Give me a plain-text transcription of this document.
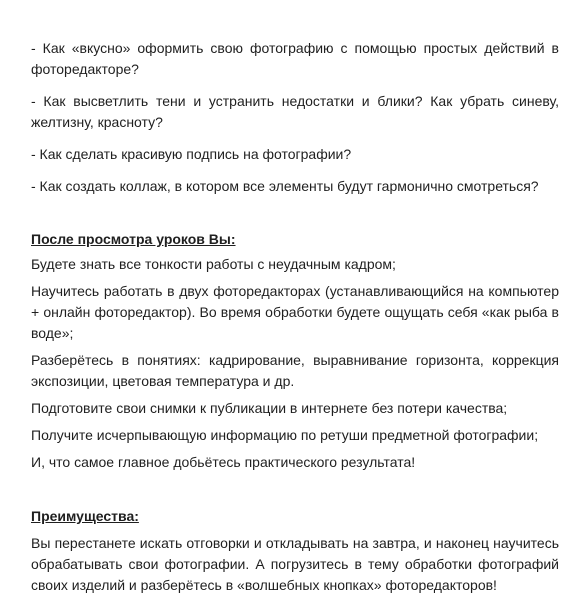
- Как «вкусно» оформить свою фотографию с помощью простых действий в фоторедакторе?

- Как высветлить тени и устранить недостатки и блики? Как убрать синеву, желтизну, красноту?

- Как сделать красивую подпись на фотографии?

- Как создать коллаж, в котором все элементы будут гармонично смотреться?

После просмотра уроков Вы:

Будете знать все тонкости работы с неудачным кадром;

Научитесь работать в двух фоторедакторах (устанавливающийся на компьютер + онлайн фоторедактор). Во время обработки будете ощущать себя «как рыба в воде»;

Разберётесь в понятиях: кадрирование, выравнивание горизонта, коррекция экспозиции, цветовая температура и др.

Подготовите свои снимки к публикации в интернете без потери качества;

Получите исчерпывающую информацию по ретуши предметной фотографии;

И, что самое главное добьётесь практического результата!

Преимущества:

Вы перестанете искать отговорки и откладывать на завтра, и наконец научитесь обрабатывать свои фотографии. А погрузитесь в тему обработки фотографий своих изделий и разберётесь в «волшебных кнопках» фоторедакторов!
